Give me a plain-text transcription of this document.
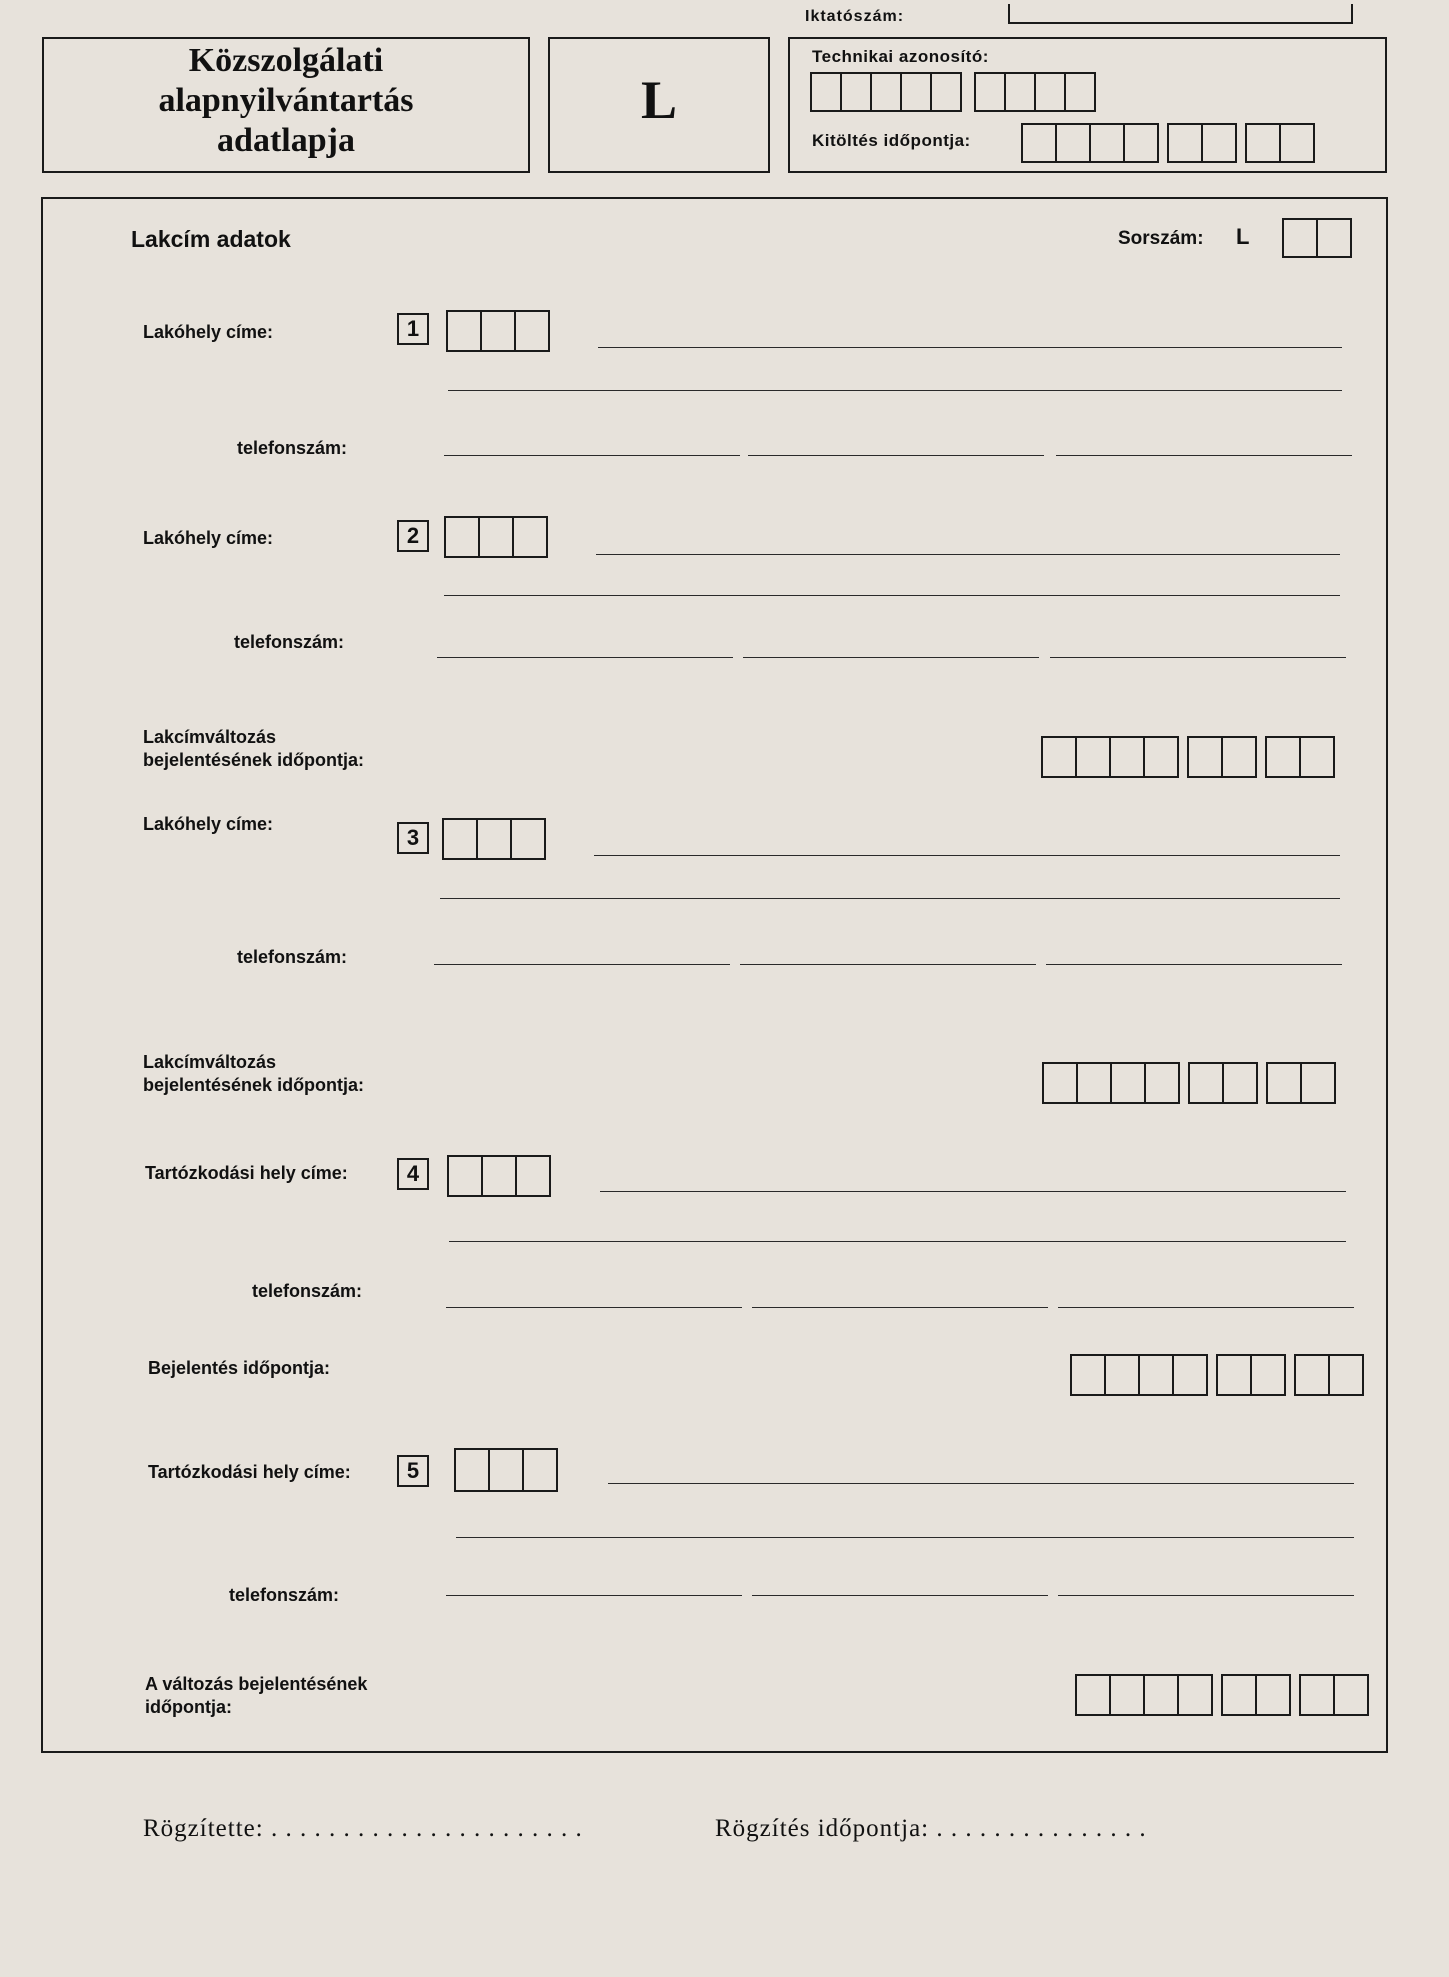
Iktatószám:
Közszolgálati
alapnyilvántartás
adatlapja
L
Technikai azonosító:
Kitöltés időpontja:
Lakcím adatok	Sorszám: L
Lakóhely címe:	1
telefonszám:
Lakóhely címe:	2
telefonszám:
Lakcímváltozás
bejelentésének időpontja:
Lakóhely címe:
3
telefonszám:
Lakcímváltozás
bejelentésének időpontja:
Tartózkodási hely címe:	4
telefonszám:
Bejelentés időpontja:
Tartózkodási hely címe:	5
telefonszám:
A változás bejelentésének
időpontja:
Rögzítette: . . . . . . . . . . . . . . . . . . . . . .	Rögzítés időpontja: . . . . . . . . . . . . . . .
